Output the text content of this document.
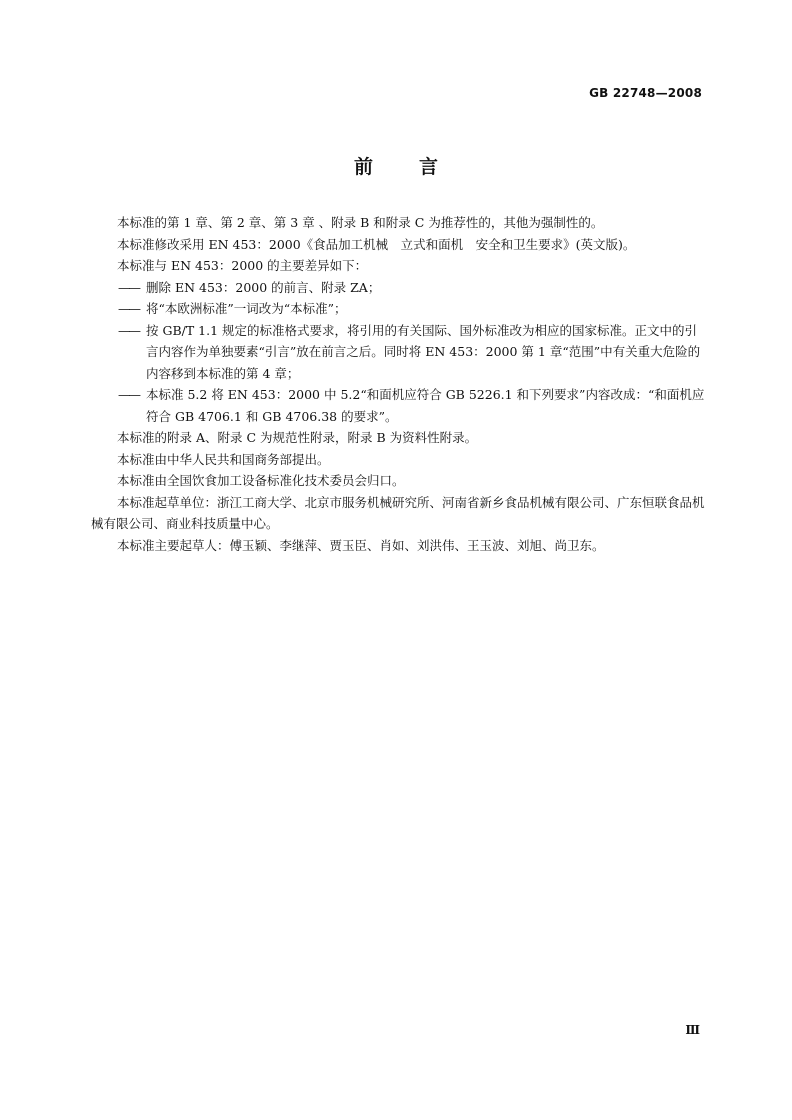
GB 22748—2008
前言

本标准的第 1 章、第 2 章、第 3 章 、附录 B 和附录 C 为推荐性的，其他为强制性的。

本标准修改采用 EN 453：2000《食品加工机械　立式和面机　安全和卫生要求》(英文版)。

本标准与 EN 453：2000 的主要差异如下：

—— 删除 EN 453：2000 的前言、附录 ZA；
—— 将“本欧洲标准”一词改为“本标准”；
—— 按 GB/T 1.1 规定的标准格式要求，将引用的有关国际、国外标准改为相应的国家标准。正文中的引言内容作为单独要素“引言”放在前言之后。同时将 EN 453：2000 第 1 章“范围”中有关重大危险的内容移到本标准的第 4 章；
—— 本标准 5.2 将 EN 453：2000 中 5.2“和面机应符合 GB 5226.1 和下列要求”内容改成：“和面机应符合 GB 4706.1 和 GB 4706.38 的要求”。

本标准的附录 A、附录 C 为规范性附录，附录 B 为资料性附录。

本标准由中华人民共和国商务部提出。

本标准由全国饮食加工设备标准化技术委员会归口。

本标准起草单位：浙江工商大学、北京市服务机械研究所、河南省新乡食品机械有限公司、广东恒联食品机械有限公司、商业科技质量中心。

本标准主要起草人：傅玉颖、李继萍、贾玉臣、肖如、刘洪伟、王玉波、刘旭、尚卫东。

Ⅲ
